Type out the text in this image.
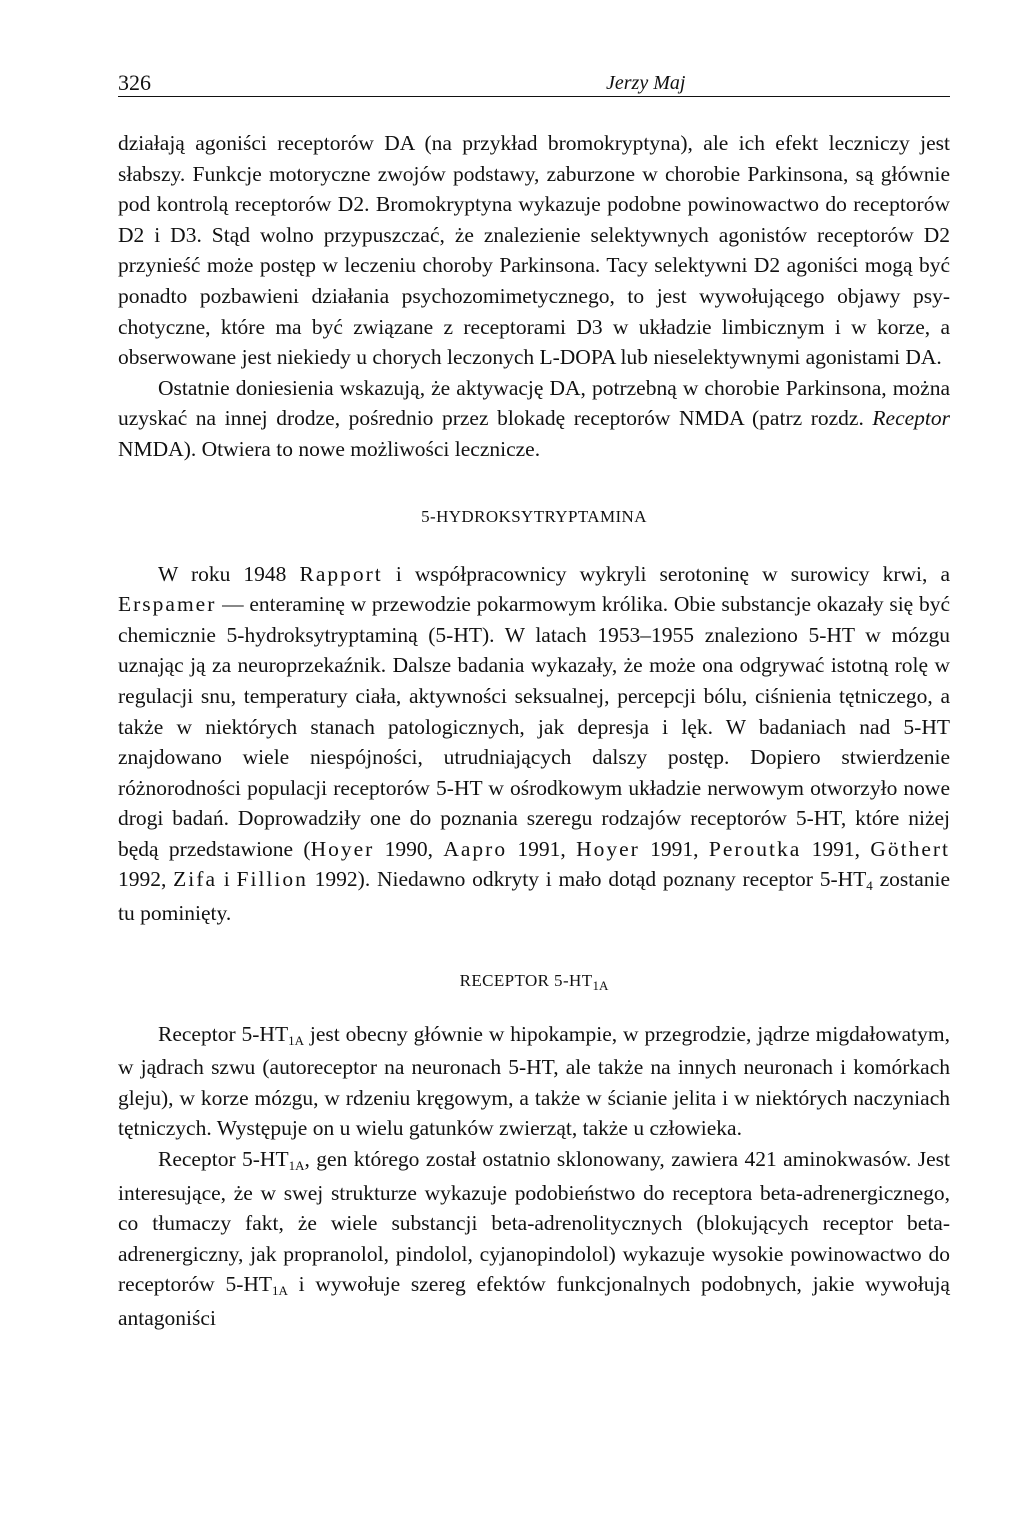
326	Jerzy Maj

działają agoniści receptorów DA (na przykład bromokryptyna), ale ich efekt leczniczy jest słabszy. Funkcje motoryczne zwojów podstawy, zaburzone w chorobie Parkinsona, są głównie pod kontrolą receptorów D2. Bromokryptyna wykazuje podobne powinowactwo do receptorów D2 i D3. Stąd wolno przypuszczać, że znalezienie selektywnych agonistów receptorów D2 przynieść może postęp w leczeniu choroby Parkinsona. Tacy selektywni D2 agoniści mogą być ponadto pozbawieni działania psychozomimetycznego, to jest wywołującego objawy psychotyczne, które ma być związane z receptorami D3 w układzie limbicznym i w korze, a obserwowane jest niekiedy u chorych leczonych L-DOPA lub nieselektywnymi agonistami DA.

Ostatnie doniesienia wskazują, że aktywację DA, potrzebną w chorobie Parkinsona, można uzyskać na innej drodze, pośrednio przez blokadę receptorów NMDA (patrz rozdz. Receptor NMDA). Otwiera to nowe możliwości lecznicze.

5-HYDROKSYTRYPTAMINA

W roku 1948 Rapport i współpracownicy wykryli serotoninę w surowicy krwi, a Erspamer — enteraminę w przewodzie pokarmowym królika. Obie substancje okazały się być chemicznie 5-hydroksytryptaminą (5-HT). W latach 1953–1955 znaleziono 5-HT w mózgu uznając ją za neuroprzekaźnik. Dalsze badania wykazały, że może ona odgrywać istotną rolę w regulacji snu, temperatury ciała, aktywności seksualnej, percepcji bólu, ciśnienia tętniczego, a także w niektórych stanach patologicznych, jak depresja i lęk. W badaniach nad 5-HT znajdowano wiele niespójności, utrudniających dalszy postęp. Dopiero stwierdzenie różnorodności populacji receptorów 5-HT w ośrodkowym układzie nerwowym otworzyło nowe drogi badań. Doprowadziły one do poznania szeregu rodzajów receptorów 5-HT, które niżej będą przedstawione (Hoyer 1990, Aapro 1991, Hoyer 1991, Peroutka 1991, Göthert 1992, Zifa i Fillion 1992). Niedawno odkryty i mało dotąd poznany receptor $5-HT_4$ zostanie tu pominięty.

RECEPTOR $5-HT_{1A}$

Receptor $5-HT_{1A}$ jest obecny głównie w hipokampie, w przegrodzie, jądrze migdałowatym, w jądrach szwu (autoreceptor na neuronach 5-HT, ale także na innych neuronach i komórkach gleju), w korze mózgu, w rdzeniu kręgowym, a także w ścianie jelita i w niektórych naczyniach tętniczych. Występuje on u wielu gatunków zwierząt, także u człowieka.

Receptor $5-HT_{1A}$, gen którego został ostatnio sklonowany, zawiera 421 aminokwasów. Jest interesujące, że w swej strukturze wykazuje podobieństwo do receptora beta-adrenergicznego, co tłumaczy fakt, że wiele substancji beta-adrenolitycznych (blokujących receptor beta-adrenergiczny, jak propranolol, pindolol, cyjanopindolol) wykazuje wysokie powinowactwo do receptorów $5-HT_{1A}$ i wywołuje szereg efektów funkcjonalnych podobnych, jakie wywołują antagoniści
